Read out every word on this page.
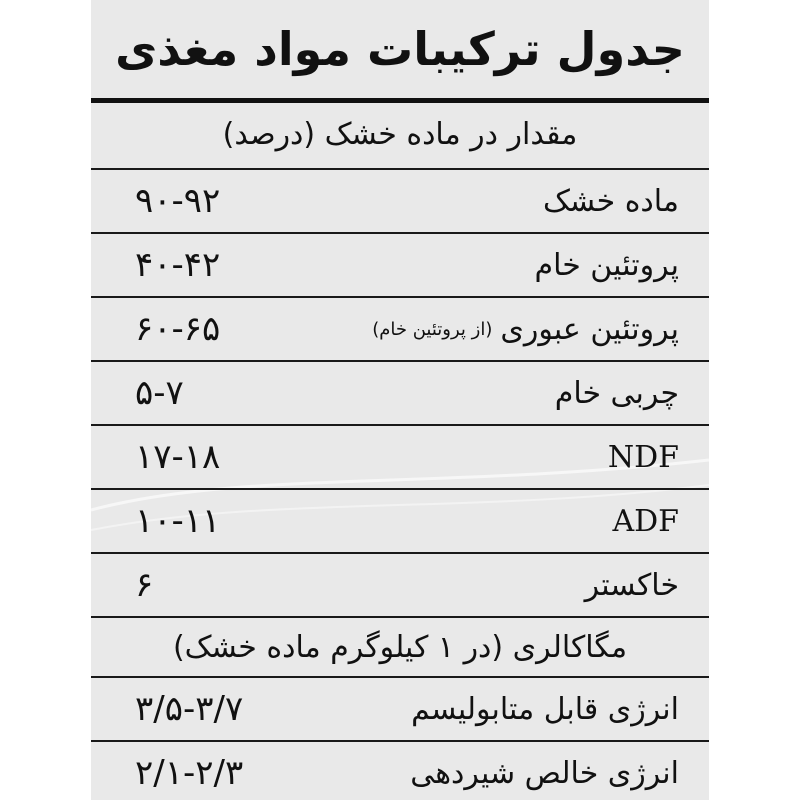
جدول ترکیبات مواد مغذی
مقدار در ماده خشک (درصد)
ماده خشک
۹۰-۹۲
پروتئین خام
۴۰-۴۲
پروتئین عبوری
(از پروتئین خام)
۶۰-۶۵
چربی خام
۵-۷
NDF
۱۷-۱۸
ADF
۱۰-۱۱
خاکستر
۶
مگاکالری (در ۱ کیلوگرم ماده خشک)
انرژی قابل متابولیسم
۳/۵-۳/۷
انرژی خالص شیردهی
۲/۱-۲/۳
